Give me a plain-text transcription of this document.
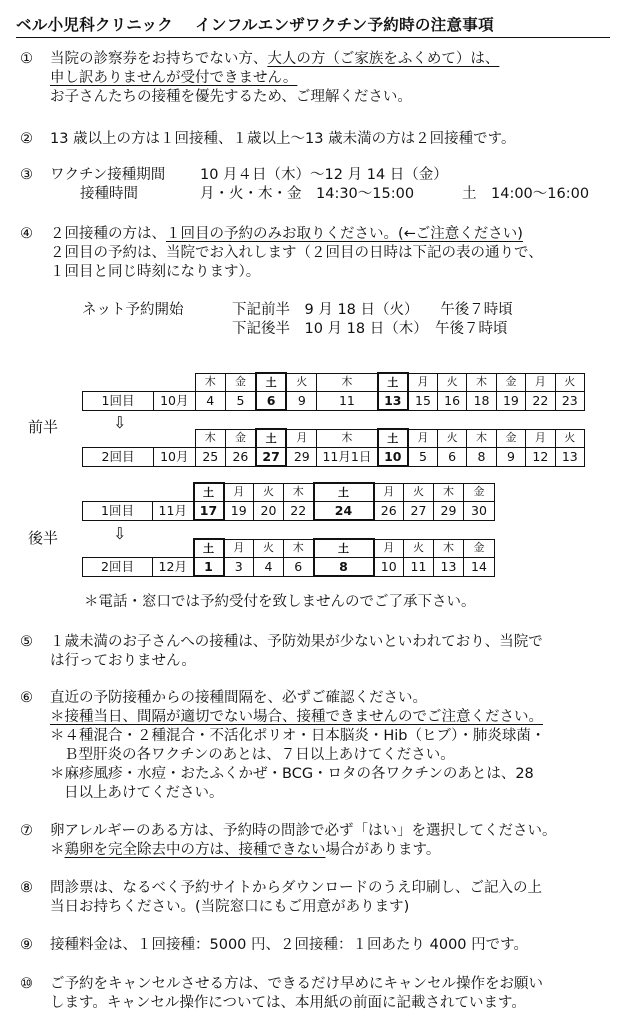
ベル小児科クリニック インフルエンザワクチン予約時の注意事項
①	当院の診察券をお持ちでない方、大人の方（ご家族をふくめて）は、
申し訳ありませんが受付できません。
お子さんたちの接種を優先するため、ご理解ください。
②	13 歳以上の方は１回接種、１歳以上〜13 歳未満の方は２回接種です。
③	ワクチン接種期間 10 月４日（木）〜12 月 14 日（金）
接種時間	月・火・木・金　14:30〜15:00	土　14:00〜16:00
④	２回接種の方は、１回目の予約のみお取りください。(←ご注意ください)
２回目の予約は、当院でお入れします（２回目の日時は下記の表の通りで、
１回目と同じ時刻になります）。
ネット予約開始	下記前半　9 月 18 日（火）　　午後７時頃
下記後半　10 月 18 日（木）　午後７時頃
前半	⇩
		木	金	土	火	木	土	月	火	木	金	月	火
1回目	10月	4	5	6	9	11	13	15	16	18	19	22	23

		木	金	土	月	木	土	月	火	木	金	月	火
2回目	10月	25	26	27	29	11月1日	10	5	6	8	9	12	13
後半	⇩
		土	月	火	木	土	月	火	木	金
1回目	11月	17	19	20	22	24	26	27	29	30

		土	月	火	木	土	月	火	木	金
2回目	12月	1	3	4	6	8	10	11	13	14
＊電話・窓口では予約受付を致しませんのでご了承下さい。
⑤	１歳未満のお子さんへの接種は、予防効果が少ないといわれており、当院で
は行っておりません。
⑥	直近の予防接種からの接種間隔を、必ずご確認ください。
＊接種当日、間隔が適切でない場合、接種できませんのでご注意ください。
＊４種混合・２種混合・不活化ポリオ・日本脳炎・Hib（ヒブ）・肺炎球菌・
Ｂ型肝炎の各ワクチンのあとは、７日以上あけてください。
＊麻疹風疹・水痘・おたふくかぜ・BCG・ロタの各ワクチンのあとは、28
日以上あけてください。
⑦	卵アレルギーのある方は、予約時の問診で必ず「はい」を選択してください。
＊鶏卵を完全除去中の方は、接種できない場合があります。
⑧	問診票は、なるべく予約サイトからダウンロードのうえ印刷し、ご記入の上
当日お持ちください。(当院窓口にもご用意があります)
⑨	接種料金は、１回接種：5000 円、２回接種：１回あたり 4000 円です。
⑩	ご予約をキャンセルさせる方は、できるだけ早めにキャンセル操作をお願い
します。キャンセル操作については、本用紙の前面に記載されています。
